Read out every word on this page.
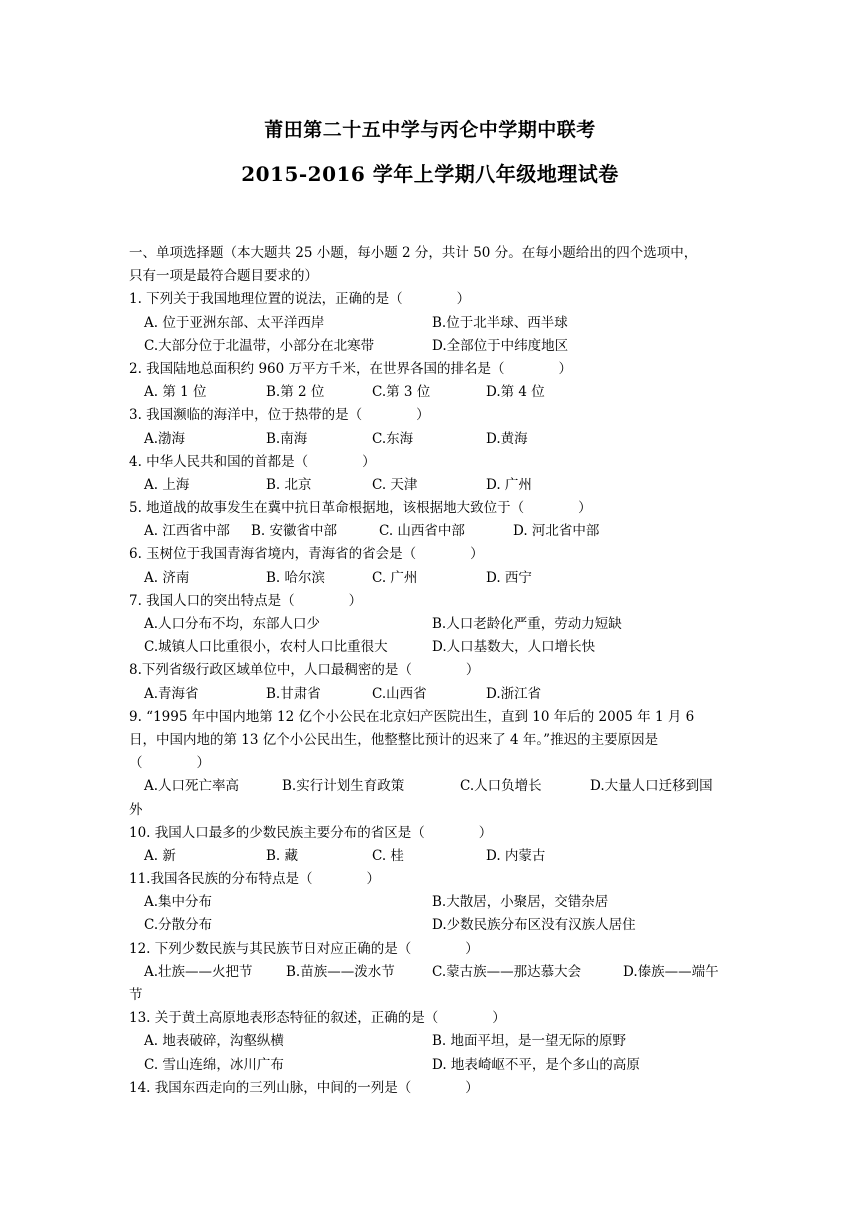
莆田第二十五中学与丙仑中学期中联考
2015-2016 学年上学期八年级地理试卷
一、单项选择题（本大题共 25 小题，每小题 2 分，共计 50 分。在每小题给出的四个选项中，
只有一项是最符合题目要求的）
1. 下列关于我国地理位置的说法，正确的是（　　　　）
A. 位于亚洲东部、太平洋西岸	B.位于北半球、西半球
C.大部分位于北温带，小部分在北寒带	D.全部位于中纬度地区
2. 我国陆地总面积约 960 万平方千米，在世界各国的排名是（　　　　）
A. 第 1 位	B.第 2 位	C.第 3 位	D.第 4 位
3. 我国濒临的海洋中，位于热带的是（　　　　）
A.渤海	B.南海	C.东海	D.黄海
4. 中华人民共和国的首都是（　　　　）
A. 上海	B. 北京	C. 天津	D. 广州
5. 地道战的故事发生在冀中抗日革命根据地，该根据地大致位于（　　　　）
A. 江西省中部 B. 安徽省中部	C. 山西省中部	D. 河北省中部
6. 玉树位于我国青海省境内，青海省的省会是（　　　　）
A. 济南	B. 哈尔滨	C. 广州	D. 西宁
7. 我国人口的突出特点是（　　　　）
A.人口分布不均，东部人口少	B.人口老龄化严重，劳动力短缺
C.城镇人口比重很小，农村人口比重很大	D.人口基数大，人口增长快
8.下列省级行政区域单位中，人口最稠密的是（　　　　）
A.青海省	B.甘肃省	C.山西省	D.浙江省
9. “1995 年中国内地第 12 亿个小公民在北京妇产医院出生，直到 10 年后的 2005 年 1 月 6
日，中国内地的第 13 亿个小公民出生，他整整比预计的迟来了 4 年。”推迟的主要原因是
（　　　　）
A.人口死亡率高	B.实行计划生育政策	C.人口负增长	D.大量人口迁移到国
外
10. 我国人口最多的少数民族主要分布的省区是（　　　　）
A. 新	B. 藏	C. 桂	D. 内蒙古
11.我国各民族的分布特点是（　　　　）
A.集中分布	B.大散居，小聚居，交错杂居
C.分散分布	D.少数民族分布区没有汉族人居住
12. 下列少数民族与其民族节日对应正确的是（　　　　）
A.壮族——火把节 B.苗族——泼水节	C.蒙古族——那达慕大会	D.傣族——端午
节
13. 关于黄土高原地表形态特征的叙述，正确的是（　　　　）
A. 地表破碎，沟壑纵横	B. 地面平坦，是一望无际的原野
C. 雪山连绵，冰川广布	D. 地表崎岖不平，是个多山的高原
14. 我国东西走向的三列山脉，中间的一列是（　　　　）
